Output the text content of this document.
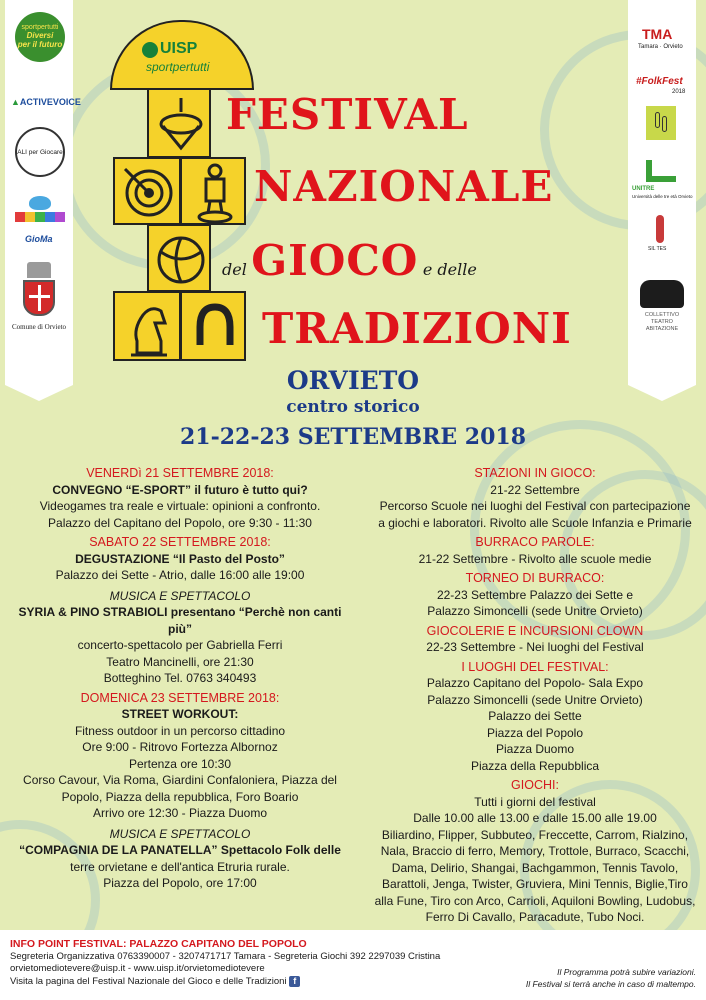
sportpertutti
Diversi
per il futuro
▲ACTIVEVOICE
ALI per Giocare
GioMa
Comune di Orvieto
TMA
Tamara · Orvieto
#FolkFest
2018
UNITRE
Università delle tre età Orvieto
SIL TES
COLLETTIVO TEATRO ABITAZIONE
UISP
sportpertutti
FESTIVAL
NAZIONALE
del GIOCO e delle
TRADIZIONI
ORVIETO
centro storico
21-22-23 SETTEMBRE 2018
VENERDì 21 SETTEMBRE 2018:
CONVEGNO “E-SPORT” il futuro è tutto qui?
Videogames tra reale e virtuale: opinioni a confronto.
Palazzo del Capitano del Popolo, ore 9:30 - 11:30
SABATO 22 SETTEMBRE 2018:
DEGUSTAZIONE “Il Pasto del Posto”
Palazzo dei Sette - Atrio, dalle 16:00 alle 19:00
MUSICA E SPETTACOLO
SYRIA & PINO STRABIOLI presentano “Perchè non canti più”
concerto-spettacolo per Gabriella Ferri
Teatro Mancinelli, ore 21:30
Botteghino Tel. 0763 340493
DOMENICA 23 SETTEMBRE 2018:
STREET WORKOUT:
Fitness outdoor in un percorso cittadino
Ore 9:00 - Ritrovo Fortezza Albornoz
Pertenza ore 10:30
Corso Cavour, Via Roma, Giardini Confaloniera, Piazza del
Popolo, Piazza della repubblica, Foro Boario
Arrivo ore 12:30 - Piazza Duomo
MUSICA E SPETTACOLO
“COMPAGNIA DE LA PANATELLA” Spettacolo Folk delle
terre orvietane e dell'antica Etruria rurale.
Piazza del Popolo, ore 17:00
STAZIONI IN GIOCO:
21-22 Settembre
Percorso Scuole nei luoghi del Festival con partecipazione
a giochi e laboratori. Rivolto alle Scuole Infanzia e Primarie
BURRACO PAROLE:
21-22 Settembre - Rivolto alle scuole medie
TORNEO DI BURRACO:
22-23 Settembre Palazzo dei Sette e
Palazzo Simoncelli (sede Unitre Orvieto)
GIOCOLERIE E INCURSIONI CLOWN
22-23 Settembre - Nei luoghi del Festival
I LUOGHI DEL FESTIVAL:
Palazzo Capitano del Popolo- Sala Expo
Palazzo Simoncelli (sede Unitre Orvieto)
Palazzo dei Sette
Piazza del Popolo
Piazza Duomo
Piazza della Repubblica
GIOCHI:
Tutti i giorni del festival
Dalle 10.00 alle 13.00 e dalle 15.00 alle 19.00
Biliardino, Flipper, Subbuteo, Freccette, Carrom, Rialzino,
Nala, Braccio di ferro, Memory, Trottole, Burraco, Scacchi,
Dama, Delirio, Shangai, Bachgammon, Tennis Tavolo,
Barattoli, Jenga, Twister, Gruviera, Mini Tennis, Biglie,Tiro
alla Fune, Tiro con Arco, Carrioli, Aquiloni Bowling, Ludobus,
Ferro Di Cavallo, Paracadute, Tubo Noci.
INFO POINT FESTIVAL: PALAZZO CAPITANO DEL POPOLO
Segreteria Organizzativa 0763390007 - 3207471717 Tamara - Segreteria Giochi 392 2297039 Cristina
orvietomedio​tevere@uisp.it - www.uisp.it/orvietomediotevere
Visita la pagina del Festival Nazionale del Gioco e delle Tradizioni f
Il Programma potrà subire variazioni.
Il Festival si terrà anche in caso di maltempo.
